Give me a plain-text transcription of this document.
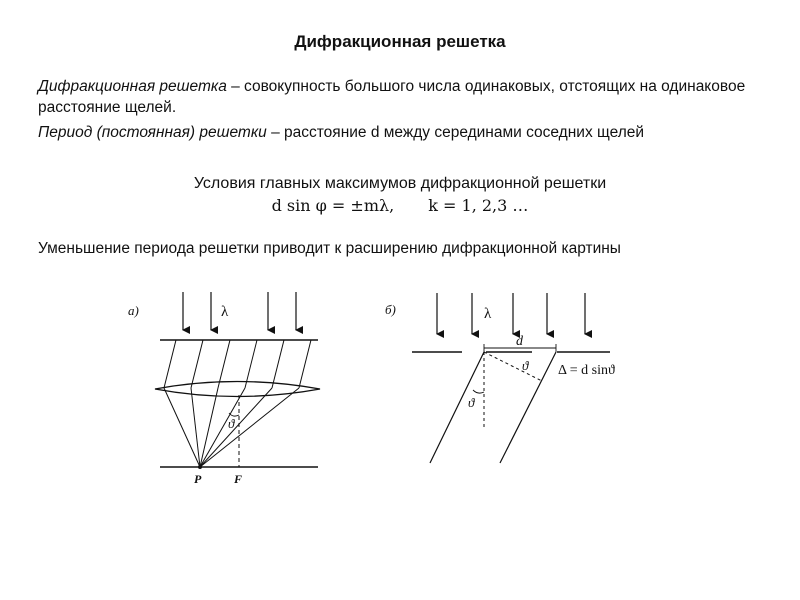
Дифракционная решетка
Дифракционная решетка – совокупность большого числа одинаковых, отстоящих на одинаковое расстояние щелей.
Период (постоянная) решетки – расстояние d между серединами соседних щелей
Условия главных максимумов дифракционной решетки
d sin φ = ±mλ, k = 1, 2,3 …
Уменьшение периода решетки приводит к расширению дифракционной картины
а)	λ
ϑ
P	F
б)	λ
d
ϑ
ϑ
Δ = d sinϑ
